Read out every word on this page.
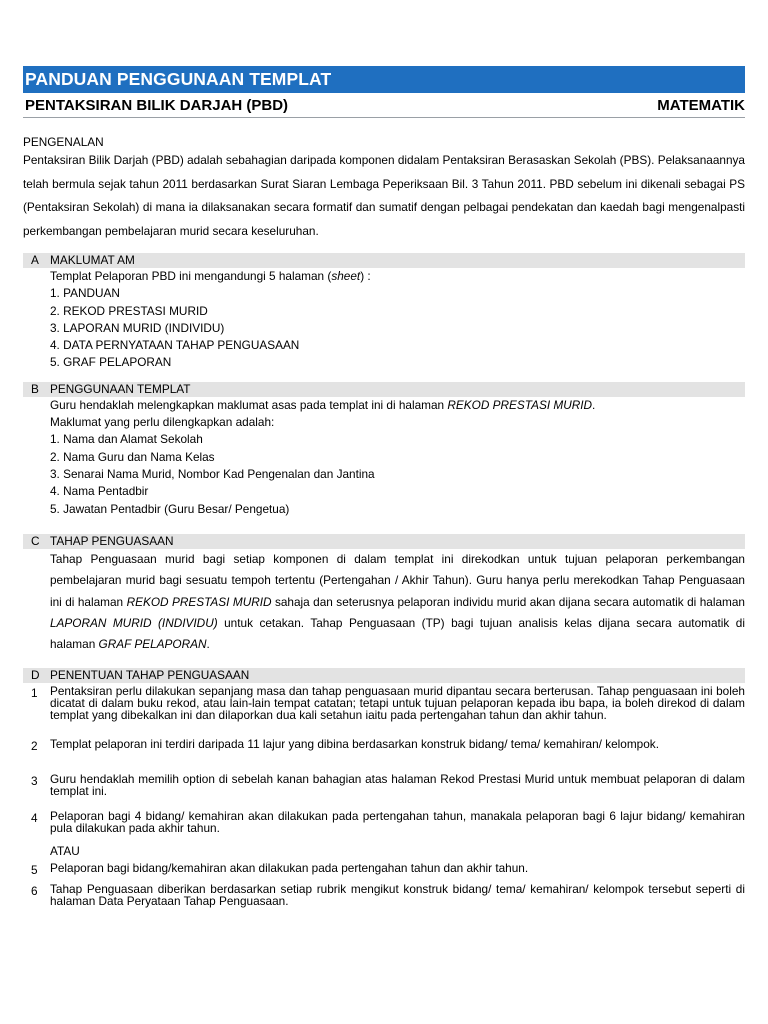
PANDUAN PENGGUNAAN TEMPLAT
PENTAKSIRAN BILIK DARJAH (PBD)	MATEMATIK
PENGENALAN
Pentaksiran Bilik Darjah (PBD) adalah sebahagian daripada komponen didalam Pentaksiran Berasaskan Sekolah (PBS). Pelaksanaannya telah bermula sejak tahun 2011 berdasarkan Surat Siaran Lembaga Peperiksaan Bil. 3 Tahun 2011. PBD sebelum ini dikenali sebagai PS (Pentaksiran Sekolah) di mana ia dilaksanakan secara formatif dan sumatif dengan pelbagai pendekatan dan kaedah bagi mengenalpasti perkembangan pembelajaran murid secara keseluruhan.
A MAKLUMAT AM
Templat Pelaporan PBD ini mengandungi 5 halaman (sheet) :
1. PANDUAN
2. REKOD PRESTASI MURID
3. LAPORAN MURID (INDIVIDU)
4. DATA PERNYATAAN TAHAP PENGUASAAN
5. GRAF PELAPORAN
B PENGGUNAAN TEMPLAT
Guru hendaklah melengkapkan maklumat asas pada templat ini di halaman REKOD PRESTASI MURID.
Maklumat yang perlu dilengkapkan adalah:
1. Nama dan Alamat Sekolah
2. Nama Guru dan Nama Kelas
3. Senarai Nama Murid, Nombor Kad Pengenalan dan Jantina
4. Nama Pentadbir
5. Jawatan Pentadbir (Guru Besar/ Pengetua)
C TAHAP PENGUASAAN
Tahap Penguasaan murid bagi setiap komponen di dalam templat ini direkodkan untuk tujuan pelaporan perkembangan pembelajaran murid bagi sesuatu tempoh tertentu (Pertengahan / Akhir Tahun). Guru hanya perlu merekodkan Tahap Penguasaan ini di halaman REKOD PRESTASI MURID sahaja dan seterusnya pelaporan individu murid akan dijana secara automatik di halaman LAPORAN MURID (INDIVIDU) untuk cetakan. Tahap Penguasaan (TP) bagi tujuan analisis kelas dijana secara automatik di halaman GRAF PELAPORAN.
D PENENTUAN TAHAP PENGUASAAN
1	Pentaksiran perlu dilakukan sepanjang masa dan tahap penguasaan murid dipantau secara berterusan. Tahap penguasaan ini boleh dicatat di dalam buku rekod, atau lain-lain tempat catatan; tetapi untuk tujuan pelaporan kepada ibu bapa, ia boleh direkod di dalam templat yang dibekalkan ini dan dilaporkan dua kali setahun iaitu pada pertengahan tahun dan akhir tahun.
2	Templat pelaporan ini terdiri daripada 11 lajur yang dibina berdasarkan konstruk bidang/ tema/ kemahiran/ kelompok.
3	Guru hendaklah memilih option di sebelah kanan bahagian atas halaman Rekod Prestasi Murid untuk membuat pelaporan di dalam templat ini.
4	Pelaporan bagi 4 bidang/ kemahiran akan dilakukan pada pertengahan tahun, manakala pelaporan bagi 6 lajur bidang/ kemahiran pula dilakukan pada akhir tahun.
ATAU
5	Pelaporan bagi bidang/kemahiran akan dilakukan pada pertengahan tahun dan akhir tahun.
6	Tahap Penguasaan diberikan berdasarkan setiap rubrik mengikut konstruk bidang/ tema/ kemahiran/ kelompok tersebut seperti di halaman Data Peryataan Tahap Penguasaan.
